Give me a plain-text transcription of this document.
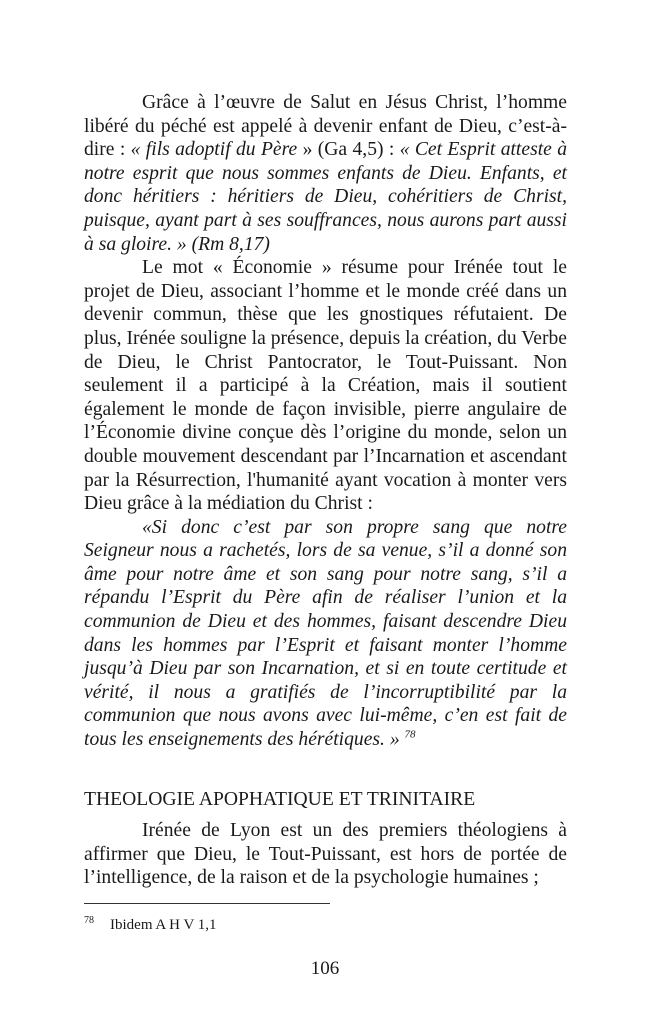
Grâce à l’œuvre de Salut en Jésus Christ, l’homme libéré du péché est appelé à devenir enfant de Dieu, c’est-à-dire : « fils adoptif du Père » (Ga 4,5) : « Cet Esprit atteste à notre esprit que nous sommes enfants de Dieu. Enfants, et donc héritiers : héritiers de Dieu, cohéritiers de Christ, puisque, ayant part à ses souffrances, nous aurons part aussi à sa gloire. » (Rm 8,17)

Le mot « Économie » résume pour Irénée tout le projet de Dieu, associant l’homme et le monde créé dans un devenir commun, thèse que les gnostiques réfutaient. De plus, Irénée souligne la présence, depuis la création, du Verbe de Dieu, le Christ Pantocrator, le Tout-Puissant. Non seulement il a participé à la Création, mais il soutient également le monde de façon invisible, pierre angulaire de l’Économie divine conçue dès l’origine du monde, selon un double mouvement descendant par l’Incarnation et ascendant par la Résurrection, l'humanité ayant vocation à monter vers Dieu grâce à la médiation du Christ :

«Si donc c’est par son propre sang que notre Seigneur nous a rachetés, lors de sa venue, s’il a donné son âme pour notre âme et son sang pour notre sang, s’il a répandu l’Esprit du Père afin de réaliser l’union et la communion de Dieu et des hommes, faisant descendre Dieu dans les hommes par l’Esprit et faisant monter l’homme jusqu’à Dieu par son Incarnation, et si en toute certitude et vérité, il nous a gratifiés de l’incorruptibilité par la communion que nous avons avec lui-même, c’en est fait de tous les enseignements des hérétiques. » $^{78}$

THEOLOGIE APOPHATIQUE ET TRINITAIRE

Irénée de Lyon est un des premiers théologiens à affirmer que Dieu, le Tout-Puissant, est hors de portée de l’intelligence, de la raison et de la psychologie humaines ;

$^{78}$ Ibidem A H V 1,1
106
